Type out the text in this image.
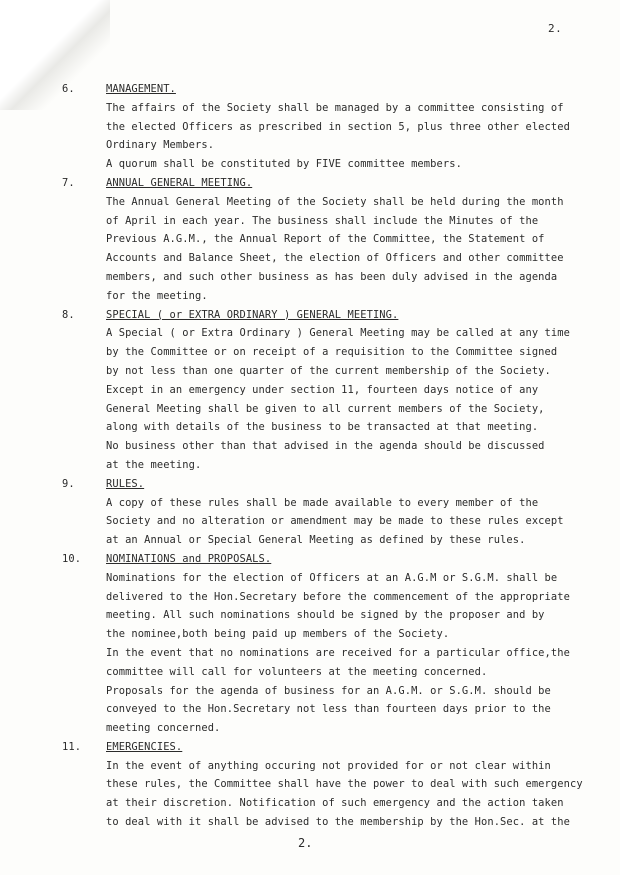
2.
6.	MANAGEMENT.
The affairs of the Society shall be managed by a committee consisting of
the elected Officers as prescribed in section 5, plus three other elected
Ordinary Members.
A quorum shall be constituted by FIVE committee members.
7.	ANNUAL GENERAL MEETING.
The Annual General Meeting of the Society shall be held during the month
of April in each year. The business shall include the Minutes of the
Previous A.G.M., the Annual Report of the Committee, the Statement of
Accounts and Balance Sheet, the election of Officers and other committee
members, and such other business as has been duly advised in the agenda
for the meeting.
8.	SPECIAL ( or EXTRA ORDINARY ) GENERAL MEETING.
A Special ( or Extra Ordinary ) General Meeting may be called at any time
by the Committee or on receipt of a requisition to the Committee signed
by not less than one quarter of the current membership of the Society.
Except in an emergency under section 11, fourteen days notice of any
General Meeting shall be given to all current members of the Society,
along with details of the business to be transacted at that meeting.
No business other than that advised in the agenda should be discussed
at the meeting.
9.	RULES.
A copy of these rules shall be made available to every member of the
Society and no alteration or amendment may be made to these rules except
at an Annual or Special General Meeting as defined by these rules.
10. NOMINATIONS and PROPOSALS.
Nominations for the election of Officers at an A.G.M or S.G.M. shall be
delivered to the Hon.Secretary before the commencement of the appropriate
meeting. All such nominations should be signed by the proposer and by
the nominee,both being paid up members of the Society.
In the event that no nominations are received for a particular office,the
committee will call for volunteers at the meeting concerned.
Proposals for the agenda of business for an A.G.M. or S.G.M. should be
conveyed to the Hon.Secretary not less than fourteen days prior to the
meeting concerned.
11. EMERGENCIES.
In the event of anything occuring not provided for or not clear within
these rules, the Committee shall have the power to deal with such emergency
at their discretion. Notification of such emergency and the action taken
to deal with it shall be advised to the membership by the Hon.Sec. at the
2.
